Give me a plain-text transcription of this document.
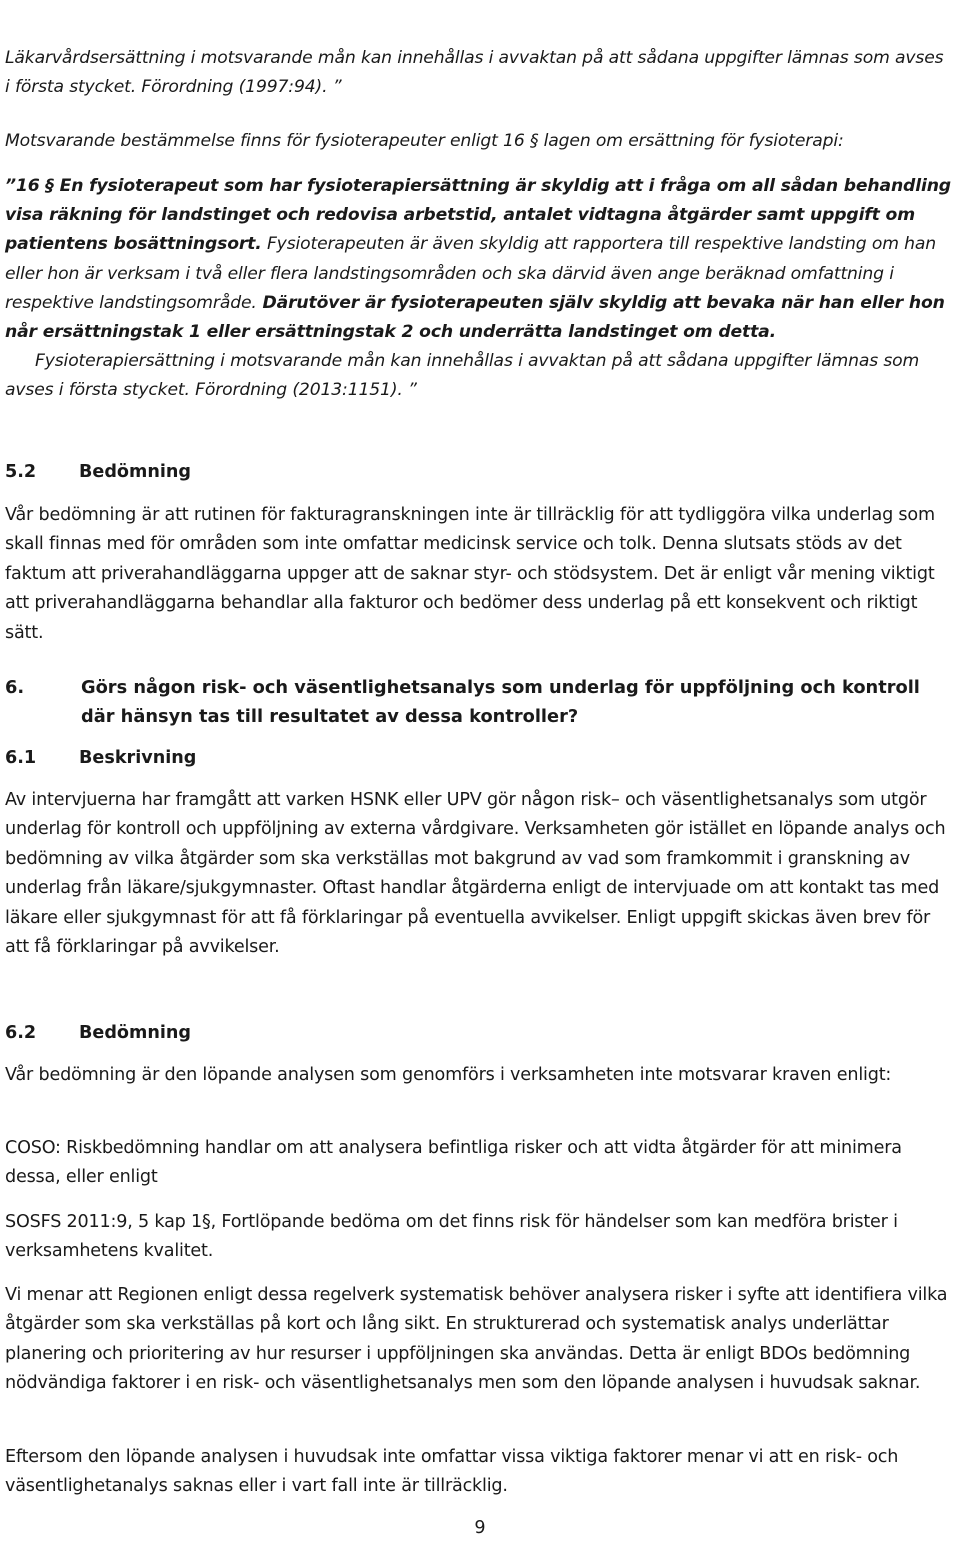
Läkarvårdsersättning i motsvarande mån kan innehållas i avvaktan på att sådana uppgifter lämnas som avses i första stycket. Förordning (1997:94). ”

Motsvarande bestämmelse finns för fysioterapeuter enligt 16 § lagen om ersättning för fysioterapi:

”16 § En fysioterapeut som har fysioterapiersättning är skyldig att i fråga om all sådan behandling visa räkning för landstinget och redovisa arbetstid, antalet vidtagna åtgärder samt uppgift om patientens bosättningsort. Fysioterapeuten är även skyldig att rapportera till respektive landsting om han eller hon är verksam i två eller flera landstingsområden och ska därvid även ange beräknad omfattning i respektive landstingsområde. Därutöver är fysioterapeuten själv skyldig att bevaka när han eller hon når ersättningstak 1 eller ersättningstak 2 och underrätta landstinget om detta.
Fysioterapiersättning i motsvarande mån kan innehållas i avvaktan på att sådana uppgifter lämnas som avses i första stycket. Förordning (2013:1151). ”

5.2 Bedömning

Vår bedömning är att rutinen för fakturagranskningen inte är tillräcklig för att tydliggöra vilka underlag som skall finnas med för områden som inte omfattar medicinsk service och tolk. Denna slutsats stöds av det faktum att priverahandläggarna uppger att de saknar styr- och stödsystem. Det är enligt vår mening viktigt att priverahandläggarna behandlar alla fakturor och bedömer dess underlag på ett konsekvent och riktigt sätt.

6.	Görs någon risk- och väsentlighetsanalys som underlag för uppföljning och kontroll där hänsyn tas till resultatet av dessa kontroller?
6.1 Beskrivning

Av intervjuerna har framgått att varken HSNK eller UPV gör någon risk– och väsentlighetsanalys som utgör underlag för kontroll och uppföljning av externa vårdgivare. Verksamheten gör istället en löpande analys och bedömning av vilka åtgärder som ska verkställas mot bakgrund av vad som framkommit i granskning av underlag från läkare/sjukgymnaster. Oftast handlar åtgärderna enligt de intervjuade om att kontakt tas med läkare eller sjukgymnast för att få förklaringar på eventuella avvikelser. Enligt uppgift skickas även brev för att få förklaringar på avvikelser.

6.2 Bedömning

Vår bedömning är den löpande analysen som genomförs i verksamheten inte motsvarar kraven enligt:

COSO: Riskbedömning handlar om att analysera befintliga risker och att vidta åtgärder för att minimera dessa, eller enligt

SOSFS 2011:9, 5 kap 1§, Fortlöpande bedöma om det finns risk för händelser som kan medföra brister i verksamhetens kvalitet.

Vi menar att Regionen enligt dessa regelverk systematisk behöver analysera risker i syfte att identifiera vilka åtgärder som ska verkställas på kort och lång sikt. En strukturerad och systematisk analys underlättar planering och prioritering av hur resurser i uppföljningen ska användas. Detta är enligt BDOs bedömning nödvändiga faktorer i en risk- och väsentlighetsanalys men som den löpande analysen i huvudsak saknar.

Eftersom den löpande analysen i huvudsak inte omfattar vissa viktiga faktorer menar vi att en risk- och väsentlighetanalys saknas eller i vart fall inte är tillräcklig.

9
